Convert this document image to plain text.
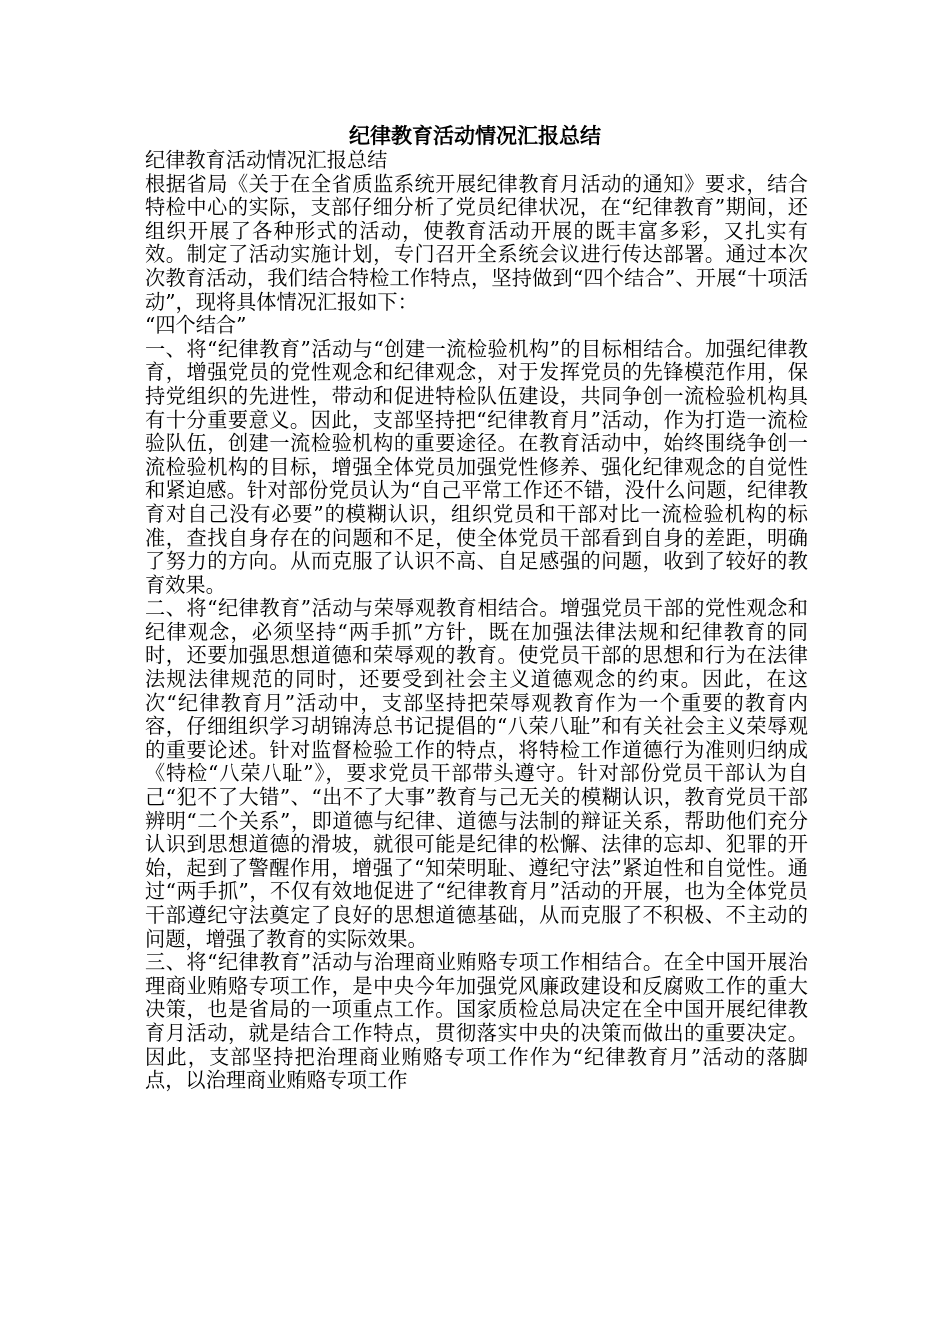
纪律教育活动情况汇报总结

纪律教育活动情况汇报总结

根据省局《关于在全省质监系统开展纪律教育月活动的通知》要求，结合特检中心的实际，支部仔细分析了党员纪律状况，在“纪律教育”期间，还组织开展了各种形式的活动，使教育活动开展的既丰富多彩，又扎实有效。制定了活动实施计划，专门召开全系统会议进行传达部署。通过本次次教育活动，我们结合特检工作特点，坚持做到“四个结合”、开展“十项活动”，现将具体情况汇报如下：

“四个结合”

一、将“纪律教育”活动与“创建一流检验机构”的目标相结合。加强纪律教育，增强党员的党性观念和纪律观念，对于发挥党员的先锋模范作用，保持党组织的先进性，带动和促进特检队伍建设，共同争创一流检验机构具有十分重要意义。因此，支部坚持把“纪律教育月”活动，作为打造一流检验队伍，创建一流检验机构的重要途径。在教育活动中，始终围绕争创一流检验机构的目标，增强全体党员加强党性修养、强化纪律观念的自觉性和紧迫感。针对部份党员认为“自己平常工作还不错，没什么问题，纪律教育对自己没有必要”的模糊认识，组织党员和干部对比一流检验机构的标准，查找自身存在的问题和不足，使全体党员干部看到自身的差距，明确了努力的方向。从而克服了认识不高、自足感强的问题，收到了较好的教育效果。

二、将“纪律教育”活动与荣辱观教育相结合。增强党员干部的党性观念和纪律观念，必须坚持“两手抓”方针，既在加强法律法规和纪律教育的同时，还要加强思想道德和荣辱观的教育。使党员干部的思想和行为在法律法规法律规范的同时，还要受到社会主义道德观念的约束。因此，在这次“纪律教育月”活动中，支部坚持把荣辱观教育作为一个重要的教育内容，仔细组织学习胡锦涛总书记提倡的“八荣八耻”和有关社会主义荣辱观的重要论述。针对监督检验工作的特点，将特检工作道德行为准则归纳成《特检“八荣八耻”》，要求党员干部带头遵守。针对部份党员干部认为自己“犯不了大错”、“出不了大事”教育与己无关的模糊认识，教育党员干部辨明“二个关系”，即道德与纪律、道德与法制的辩证关系，帮助他们充分认识到思想道德的滑坡，就很可能是纪律的松懈、法律的忘却、犯罪的开始，起到了警醒作用，增强了“知荣明耻、遵纪守法”紧迫性和自觉性。通过“两手抓”，不仅有效地促进了“纪律教育月”活动的开展，也为全体党员干部遵纪守法奠定了良好的思想道德基础，从而克服了不积极、不主动的问题，增强了教育的实际效果。

三、将“纪律教育”活动与治理商业贿赂专项工作相结合。在全中国开展治理商业贿赂专项工作，是中央今年加强党风廉政建设和反腐败工作的重大决策，也是省局的一项重点工作。国家质检总局决定在全中国开展纪律教育月活动，就是结合工作特点，贯彻落实中央的决策而做出的重要决定。因此，支部坚持把治理商业贿赂专项工作作为“纪律教育月”活动的落脚点，以治理商业贿赂专项工作
